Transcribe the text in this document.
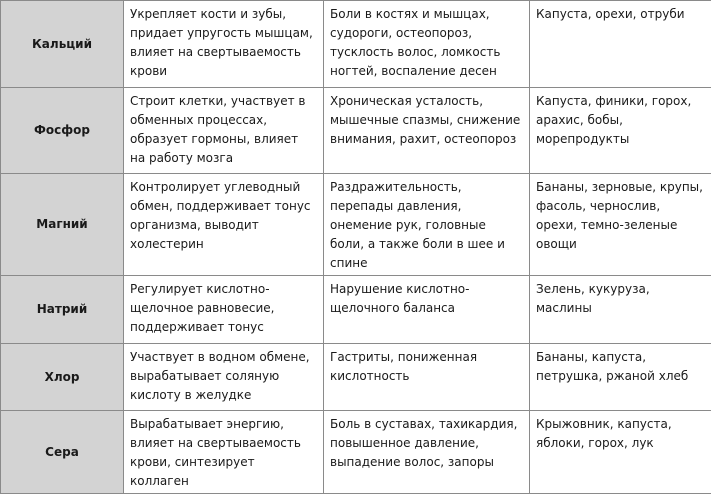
Кальций	Укрепляет кости и зубы, придает упругость мышцам, влияет на свертываемость крови	Боли в костях и мышцах, судороги, остеопороз, тусклость волос, ломкость ногтей, воспаление десен	Капуста, орехи, отруби
Фосфор	Строит клетки, участвует в обменных процессах, образует гормоны, влияет на работу мозга	Хроническая усталость, мышечные спазмы, снижение внимания, рахит, остеопороз	Капуста, финики, горох, арахис, бобы, морепродукты
Магний	Контролирует углеводный обмен, поддерживает тонус организма, выводит холестерин	Раздражительность, перепады давления, онемение рук, головные боли, а также боли в шее и спине	Бананы, зерновые, крупы, фасоль, чернослив, орехи, темно-зеленые овощи
Натрий	Регулирует кислотно-щелочное равновесие, поддерживает тонус	Нарушение кислотно-щелочного баланса	Зелень, кукуруза, маслины
Хлор	Участвует в водном обмене, вырабатывает соляную кислоту в желудке	Гастриты, пониженная кислотность	Бананы, капуста, петрушка, ржаной хлеб
Сера	Вырабатывает энергию, влияет на свертываемость крови, синтезирует коллаген	Боль в суставах, тахикардия, повышенное давление, выпадение волос, запоры	Крыжовник, капуста, яблоки, горох, лук
